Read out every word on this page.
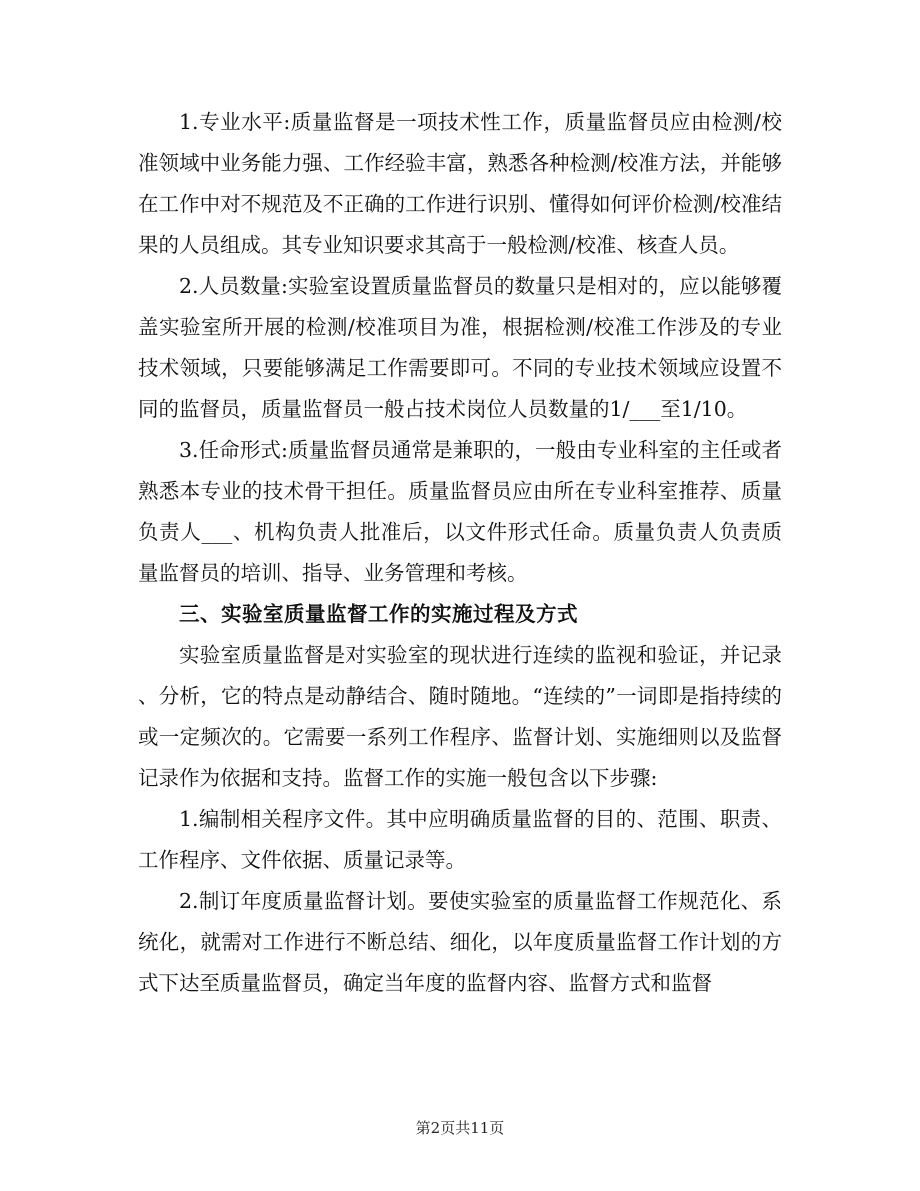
1.专业水平:质量监督是一项技术性工作，质量监督员应由检测/校准领域中业务能力强、工作经验丰富，熟悉各种检测/校准方法，并能够在工作中对不规范及不正确的工作进行识别、懂得如何评价检测/校准结果的人员组成。其专业知识要求其高于一般检测/校准、核查人员。

2.人员数量:实验室设置质量监督员的数量只是相对的，应以能够覆盖实验室所开展的检测/校准项目为准，根据检测/校准工作涉及的专业技术领域，只要能够满足工作需要即可。不同的专业技术领域应设置不同的监督员，质量监督员一般占技术岗位人员数量的1/___至1/10。

3.任命形式:质量监督员通常是兼职的，一般由专业科室的主任或者熟悉本专业的技术骨干担任。质量监督员应由所在专业科室推荐、质量负责人___、机构负责人批准后，以文件形式任命。质量负责人负责质量监督员的培训、指导、业务管理和考核。

三、实验室质量监督工作的实施过程及方式

实验室质量监督是对实验室的现状进行连续的监视和验证，并记录、分析，它的特点是动静结合、随时随地。“连续的”一词即是指持续的或一定频次的。它需要一系列工作程序、监督计划、实施细则以及监督记录作为依据和支持。监督工作的实施一般包含以下步骤:

1.编制相关程序文件。其中应明确质量监督的目的、范围、职责、工作程序、文件依据、质量记录等。

2.制订年度质量监督计划。要使实验室的质量监督工作规范化、系统化，就需对工作进行不断总结、细化，以年度质量监督工作计划的方式下达至质量监督员，确定当年度的监督内容、监督方式和监督

第2页共11页
